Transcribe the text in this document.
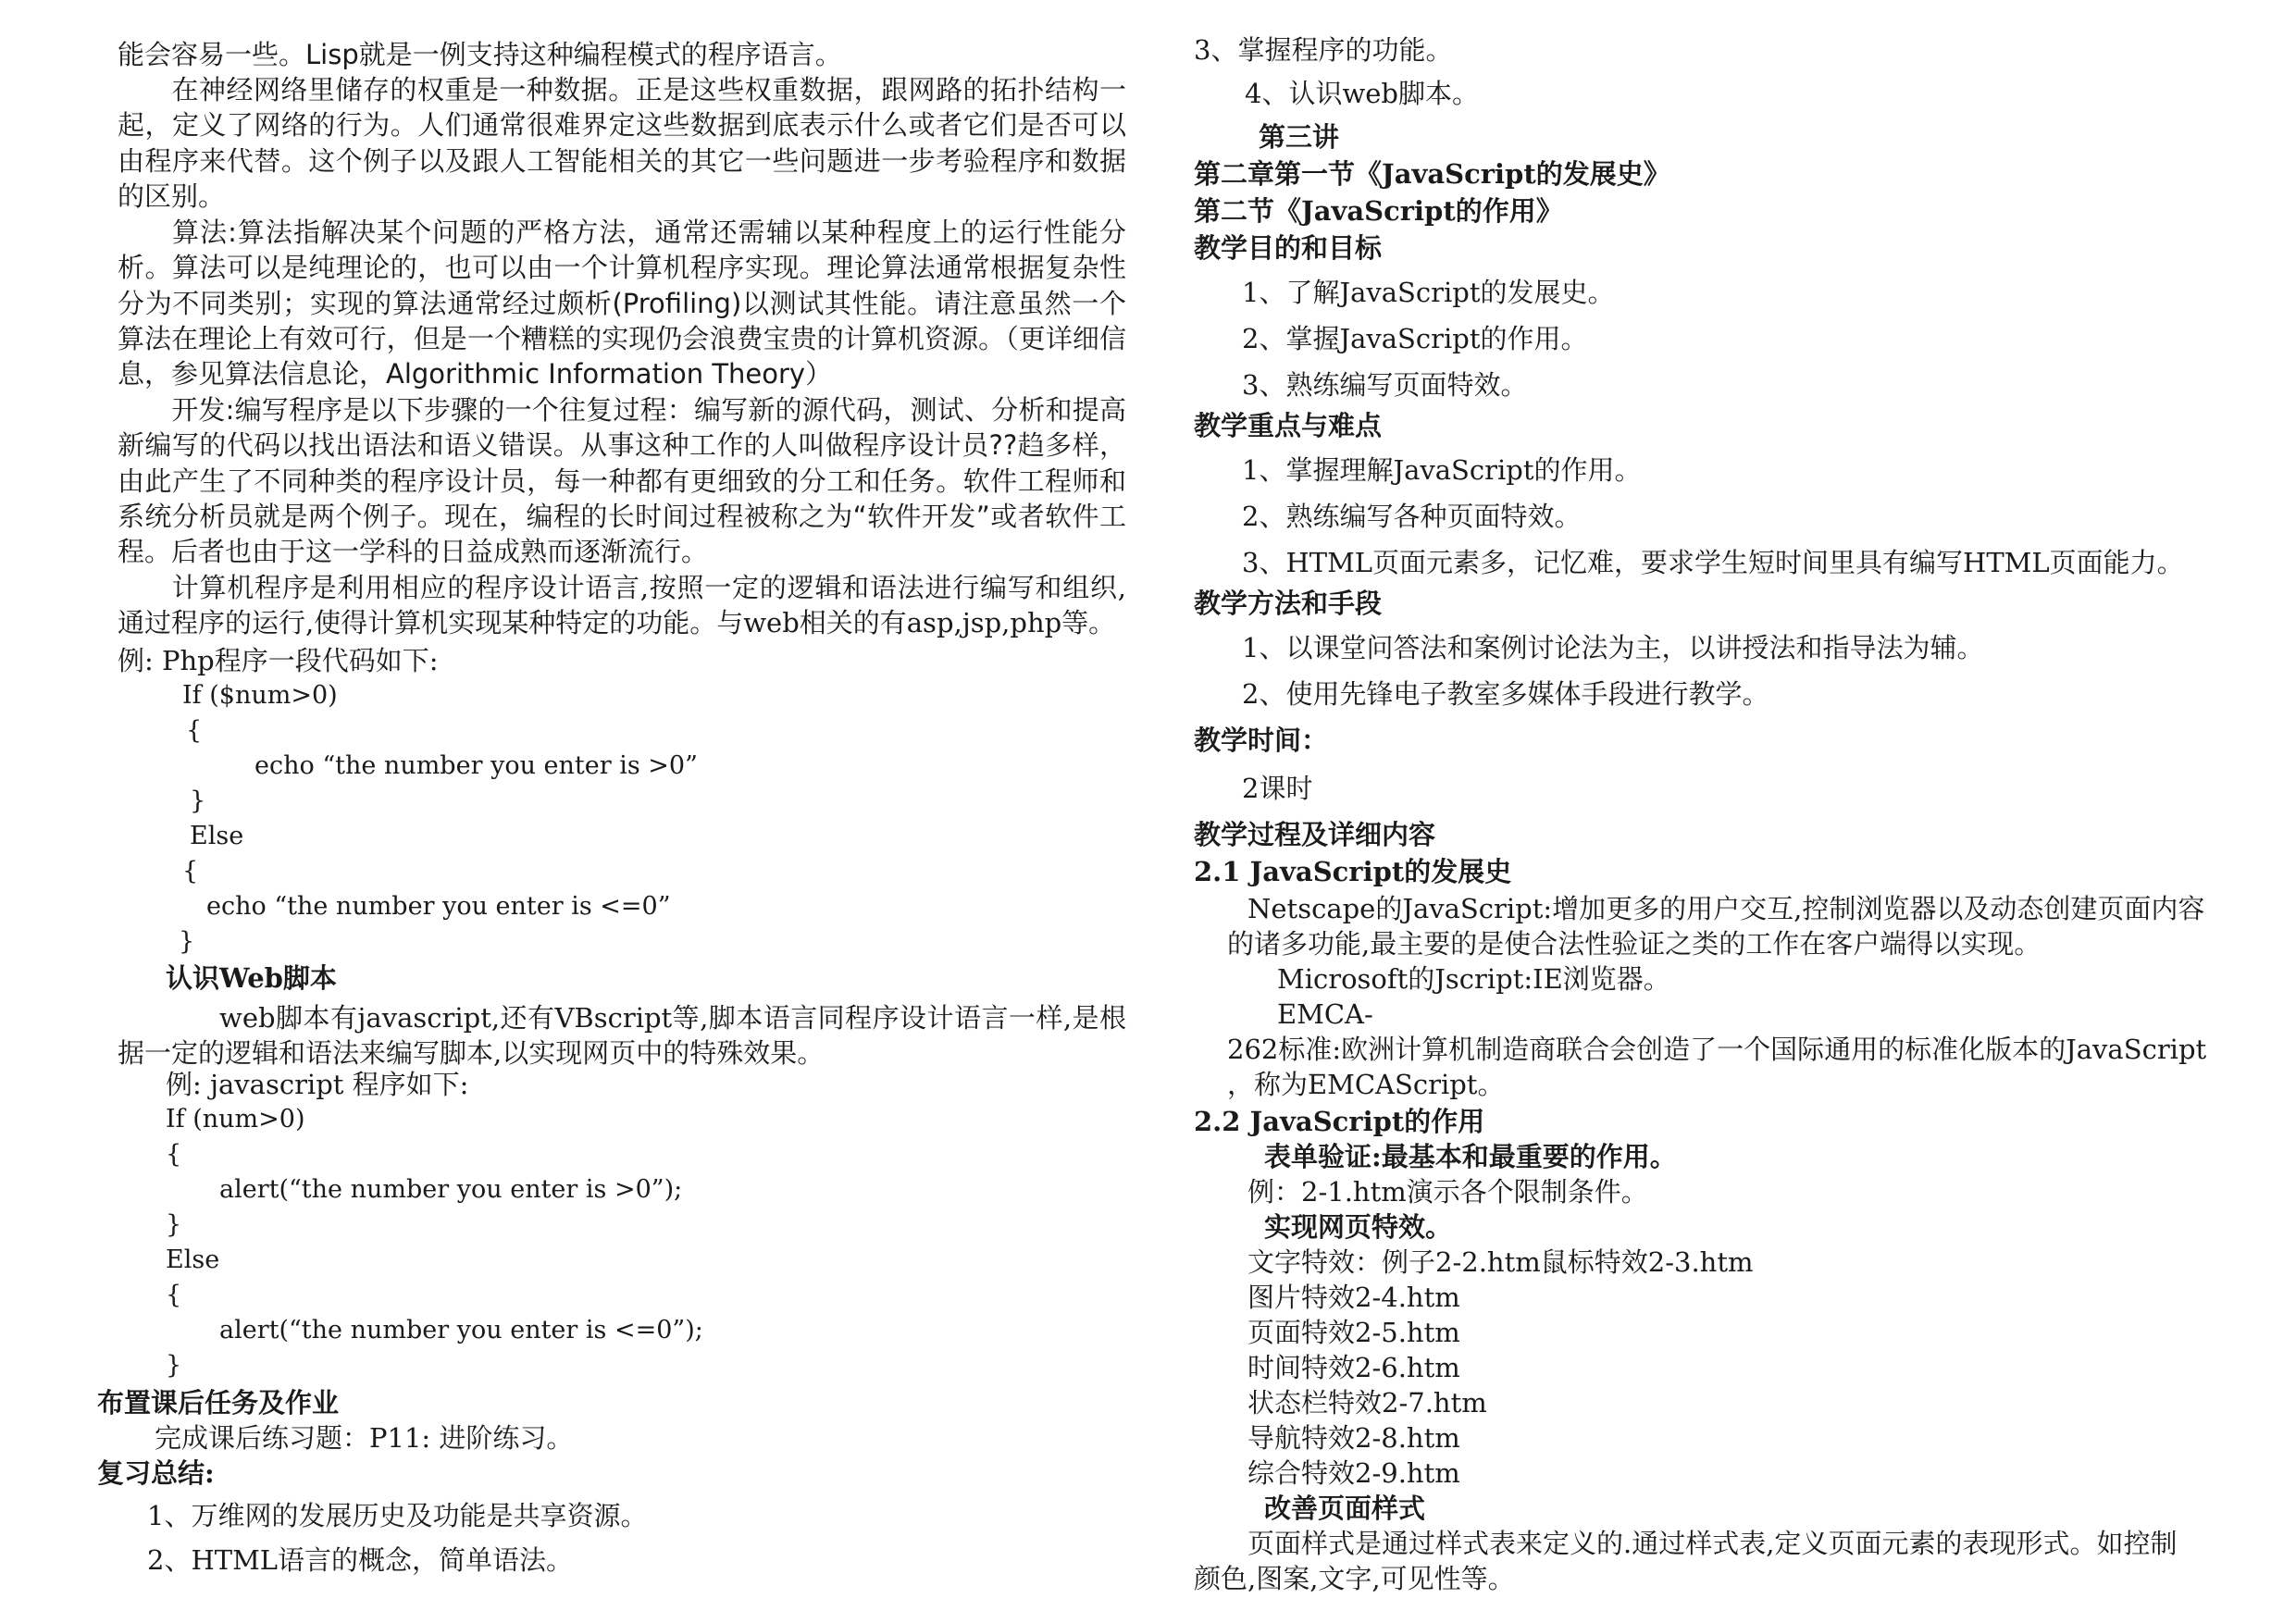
能会容易一些。Lisp就是一例支持这种编程模式的程序语言。
在神经网络里储存的权重是一种数据。正是这些权重数据，跟网路的拓扑结构一起，定义了网络的行为。人们通常很难界定这些数据到底表示什么或者它们是否可以由程序来代替。这个例子以及跟人工智能相关的其它一些问题进一步考验程序和数据的区别。
算法:算法指解决某个问题的严格方法，通常还需辅以某种程度上的运行性能分析。算法可以是纯理论的，也可以由一个计算机程序实现。理论算法通常根据复杂性分为不同类别；实现的算法通常经过颇析(Profiling)以测试其性能。请注意虽然一个算法在理论上有效可行，但是一个糟糕的实现仍会浪费宝贵的计算机资源。（更详细信息，参见算法信息论，Algorithmic Information Theory）
开发:编写程序是以下步骤的一个往复过程：编写新的源代码，测试、分析和提高新编写的代码以找出语法和语义错误。从事这种工作的人叫做程序设计员??趋多样，由此产生了不同种类的程序设计员，每一种都有更细致的分工和任务。软件工程师和系统分析员就是两个例子。现在，编程的长时间过程被称之为“软件开发”或者软件工程。后者也由于这一学科的日益成熟而逐渐流行。
计算机程序是利用相应的程序设计语言,按照一定的逻辑和语法进行编写和组织,通过程序的运行,使得计算机实现某种特定的功能。与web相关的有asp,jsp,php等。
例: Php程序一段代码如下:
If ($num>0)
{
echo “the number you enter is >0”
}
Else
{
echo “the number you enter is <=0”
}
认识Web脚本
web脚本有javascript,还有VBscript等,脚本语言同程序设计语言一样,是根据一定的逻辑和语法来编写脚本,以实现网页中的特殊效果。
例: javascript 程序如下:
If (num>0)
{
alert(“the number you enter is >0”);
}
Else
{
alert(“the number you enter is <=0”);
}
布置课后任务及作业
完成课后练习题：P11: 进阶练习。
复习总结:
1、万维网的发展历史及功能是共享资源。
2、HTML语言的概念，简单语法。
3、掌握程序的功能。
4、认识web脚本。
第三讲
第二章第一节《JavaScript的发展史》
第二节《JavaScript的作用》
教学目的和目标
1、了解JavaScript的发展史。
2、掌握JavaScript的作用。
3、熟练编写页面特效。
教学重点与难点
1、掌握理解JavaScript的作用。
2、熟练编写各种页面特效。
3、HTML页面元素多，记忆难，要求学生短时间里具有编写HTML页面能力。
教学方法和手段
1、以课堂问答法和案例讨论法为主，以讲授法和指导法为辅。
2、使用先锋电子教室多媒体手段进行教学。
教学时间：
2课时
教学过程及详细内容
2.1 JavaScript的发展史
Netscape的JavaScript:增加更多的用户交互,控制浏览器以及动态创建页面内容
的诸多功能,最主要的是使合法性验证之类的工作在客户端得以实现。
Microsoft的Jscript:IE浏览器。
EMCA-
262标准:欧洲计算机制造商联合会创造了一个国际通用的标准化版本的JavaScript
，称为EMCAScript。
2.2 JavaScript的作用
表单验证:最基本和最重要的作用。
例：2-1.htm演示各个限制条件。
实现网页特效。
文字特效：例子2-2.htm鼠标特效2-3.htm
图片特效2-4.htm
页面特效2-5.htm
时间特效2-6.htm
状态栏特效2-7.htm
导航特效2-8.htm
综合特效2-9.htm
改善页面样式
页面样式是通过样式表来定义的.通过样式表,定义页面元素的表现形式。如控制
颜色,图案,文字,可见性等。
